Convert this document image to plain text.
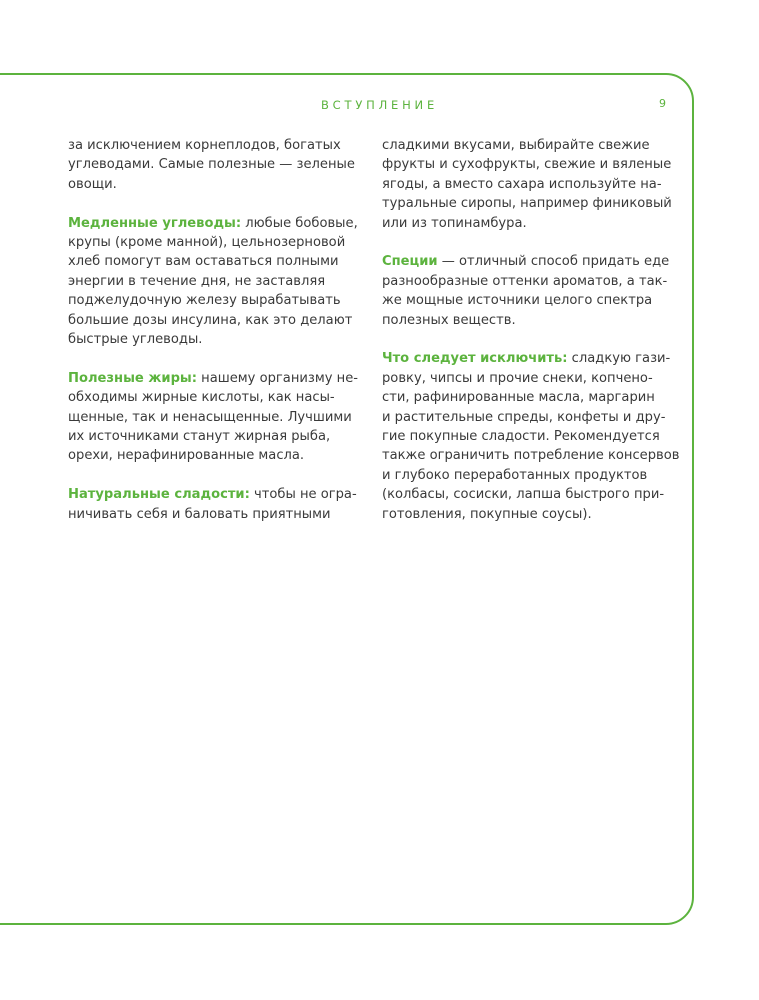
ВСТУПЛЕНИЕ	9
за исключением корнеплодов, богатых
углеводами. Самые полезные — зеленые
овощи.
Медленные углеводы: любые бобовые,
крупы (кроме манной), цельнозерновой
хлеб помогут вам оставаться полными
энергии в течение дня, не заставляя
поджелудочную железу вырабатывать
большие дозы инсулина, как это делают
быстрые углеводы.
Полезные жиры: нашему организму не-
обходимы жирные кислоты, как насы-
щенные, так и ненасыщенные. Лучшими
их источниками станут жирная рыба,
орехи, нерафинированные масла.
Натуральные сладости: чтобы не огра-
ничивать себя и баловать приятными
сладкими вкусами, выбирайте свежие
фрукты и сухофрукты, свежие и вяленые
ягоды, а вместо сахара используйте на-
туральные сиропы, например финиковый
или из топинамбура.
Специи — отличный способ придать еде
разнообразные оттенки ароматов, а так-
же мощные источники целого спектра
полезных веществ.
Что следует исключить: сладкую гази-
ровку, чипсы и прочие снеки, копчено-
сти, рафинированные масла, маргарин
и растительные спреды, конфеты и дру-
гие покупные сладости. Рекомендуется
также ограничить потребление консервов
и глубоко переработанных продуктов
(колбасы, сосиски, лапша быстрого при-
готовления, покупные соусы).
